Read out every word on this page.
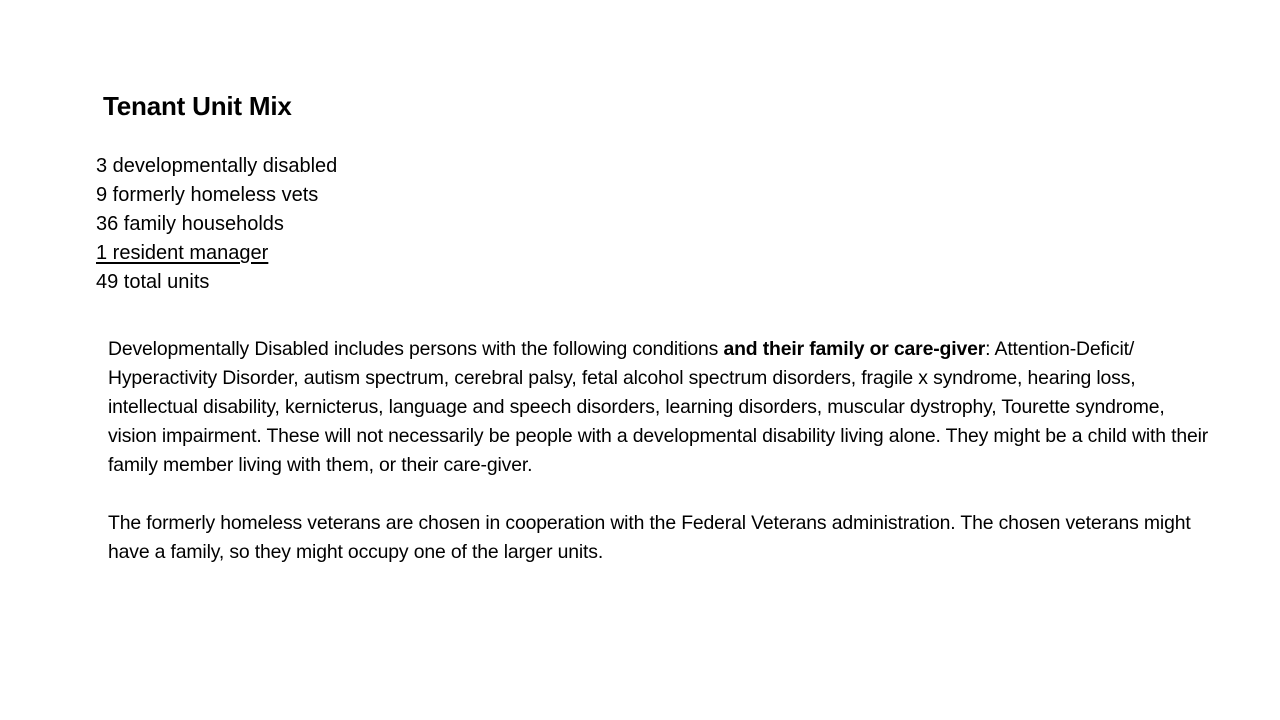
Tenant Unit Mix
3 developmentally disabled
9 formerly homeless vets
36 family households
1 resident manager
49 total units

Developmentally Disabled includes persons with the following conditions and their family or care-giver: Attention-Deficit/ Hyperactivity Disorder, autism spectrum, cerebral palsy, fetal alcohol spectrum disorders, fragile x syndrome, hearing loss, intellectual disability, kernicterus, language and speech disorders, learning disorders, muscular dystrophy, Tourette syndrome, vision impairment. These will not necessarily be people with a developmental disability living alone. They might be a child with their family member living with them, or their care-giver.

The formerly homeless veterans are chosen in cooperation with the Federal Veterans administration. The chosen veterans might have a family, so they might occupy one of the larger units.
